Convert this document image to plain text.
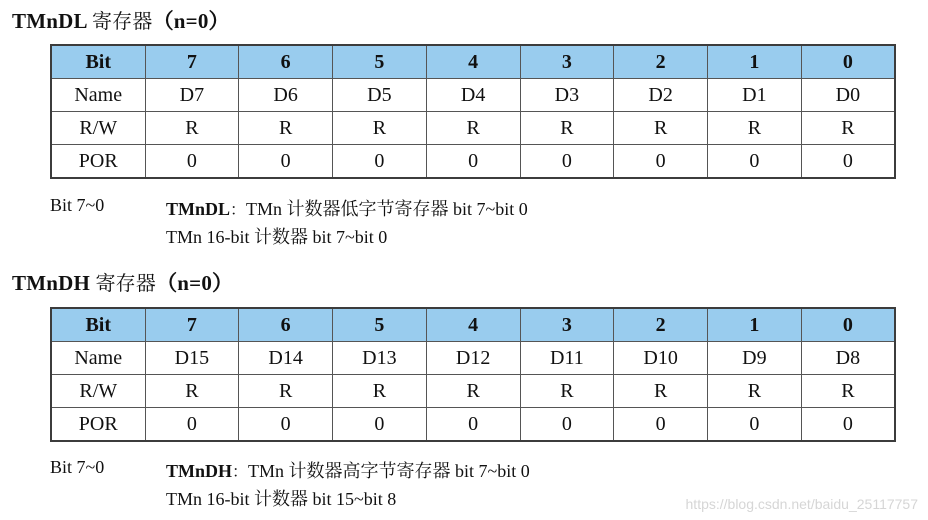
TMnDL 寄存器（n=0）
Bit	7	6	5	4	3	2	1	0
Name	D7	D6	D5	D4	D3	D2	D1	D0
R/W	R	R	R	R	R	R	R	R
POR	0	0	0	0	0	0	0	0
Bit 7~0	TMnDL：TMn 计数器低字节寄存器 bit 7~bit 0
TMn 16-bit 计数器 bit 7~bit 0
TMnDH 寄存器（n=0）
Bit	7	6	5	4	3	2	1	0
Name	D15	D14	D13	D12	D11	D10	D9	D8
R/W	R	R	R	R	R	R	R	R
POR	0	0	0	0	0	0	0	0
Bit 7~0	TMnDH：TMn 计数器高字节寄存器 bit 7~bit 0
TMn 16-bit 计数器 bit 15~bit 8	https://blog.csdn.net/baidu_25117757
